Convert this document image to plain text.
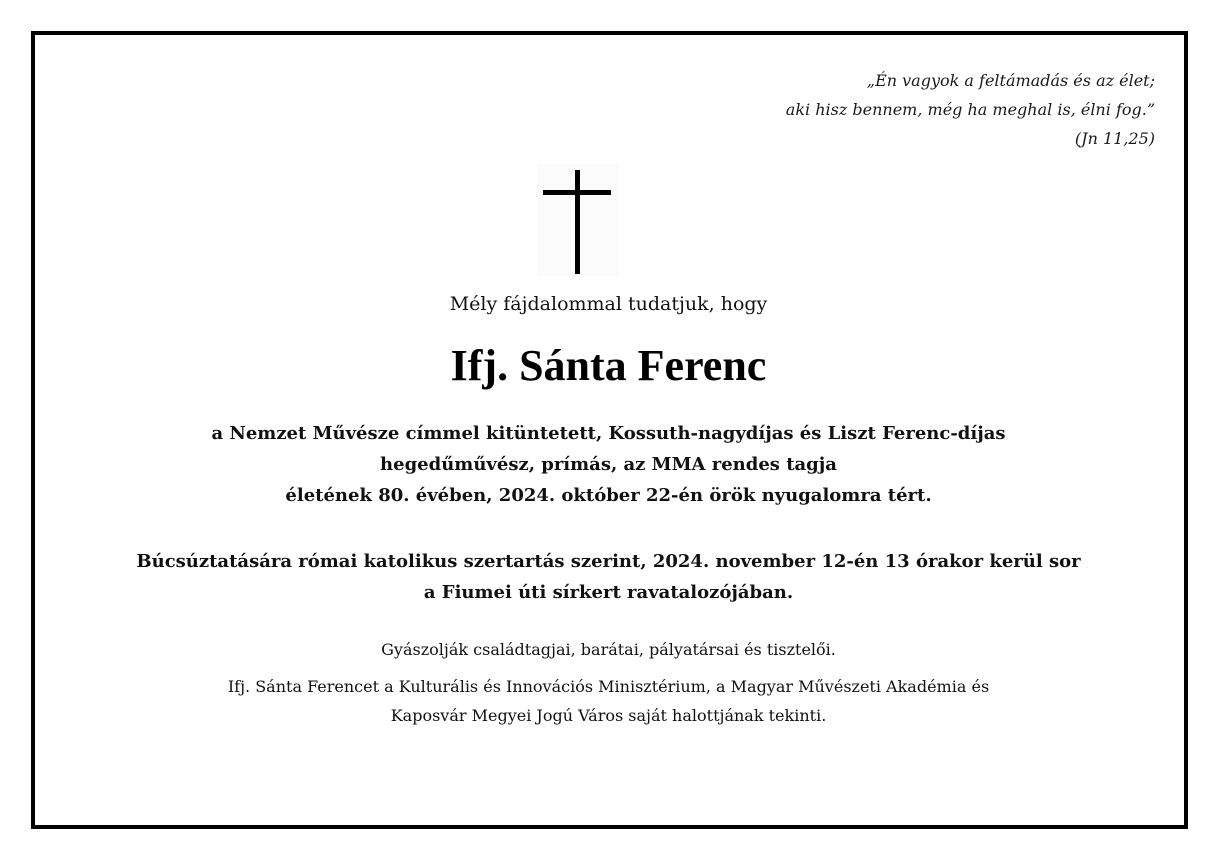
„Én vagyok a feltámadás és az élet;
aki hisz bennem, még ha meghal is, élni fog.”
(Jn 11,25)
Mély fájdalommal tudatjuk, hogy
Ifj. Sánta Ferenc
a Nemzet Művésze címmel kitüntetett, Kossuth-nagydíjas és Liszt Ferenc-díjas
hegedűművész, prímás, az MMA rendes tagja
életének 80. évében, 2024. október 22-én örök nyugalomra tért.
Búcsúztatására római katolikus szertartás szerint, 2024. november 12-én 13 órakor kerül sor
a Fiumei úti sírkert ravatalozójában.
Gyászolják családtagjai, barátai, pályatársai és tisztelői.
Ifj. Sánta Ferencet a Kulturális és Innovációs Minisztérium, a Magyar Művészeti Akadémia és
Kaposvár Megyei Jogú Város saját halottjának tekinti.
